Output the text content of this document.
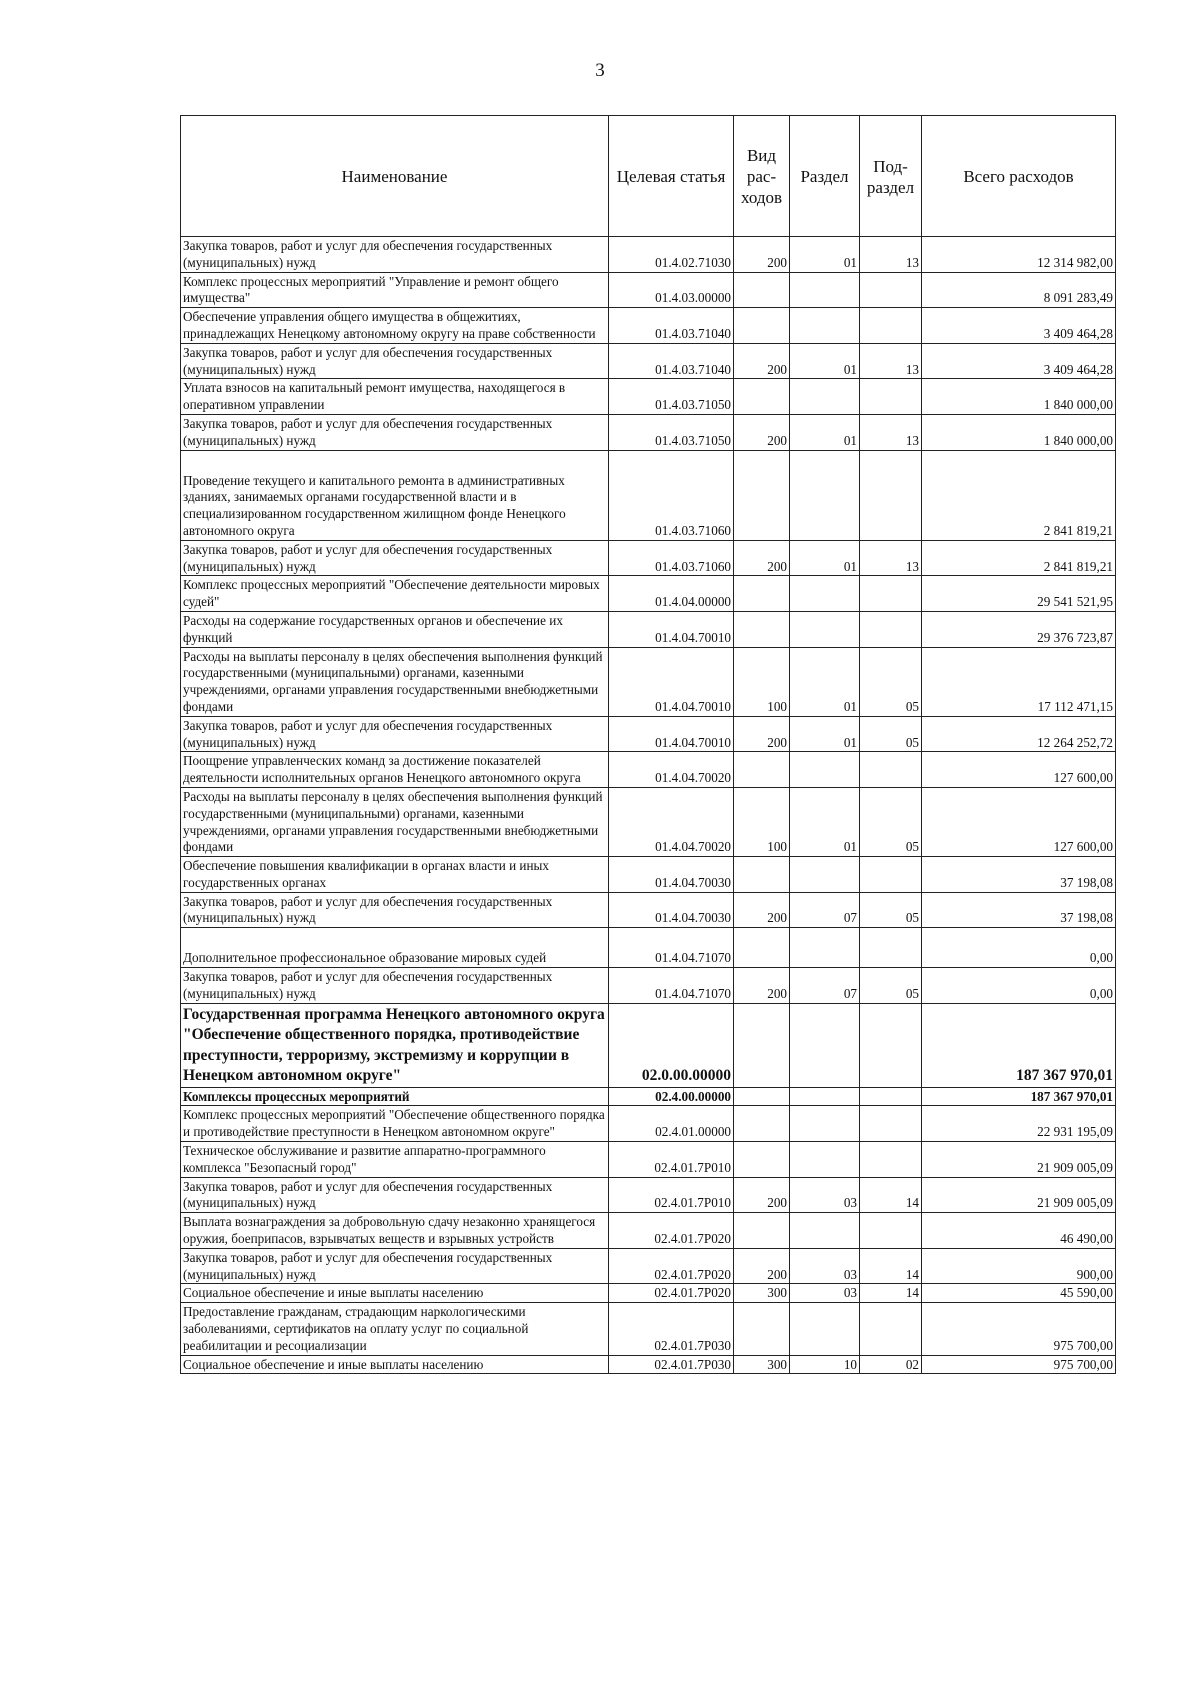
3
Наименование	Целевая статья	Вид рас- ходов	Раздел	Под- раздел	Всего расходов
Закупка товаров, работ и услуг для обеспечения государственных (муниципальных) нужд	01.4.02.71030	200	01	13	12 314 982,00
Комплекс процессных мероприятий "Управление и ремонт общего имущества"	01.4.03.00000				8 091 283,49
Обеспечение управления общего имущества в общежитиях, принадлежащих Ненецкому автономному округу на праве собственности	01.4.03.71040				3 409 464,28
Закупка товаров, работ и услуг для обеспечения государственных (муниципальных) нужд	01.4.03.71040	200	01	13	3 409 464,28
Уплата взносов на капитальный ремонт имущества, находящегося в оперативном управлении	01.4.03.71050				1 840 000,00
Закупка товаров, работ и услуг для обеспечения государственных (муниципальных) нужд	01.4.03.71050	200	01	13	1 840 000,00
Проведение текущего и капитального ремонта в административных зданиях, занимаемых органами государственной власти и в специализированном государственном жилищном фонде Ненецкого автономного округа	01.4.03.71060				2 841 819,21
Закупка товаров, работ и услуг для обеспечения государственных (муниципальных) нужд	01.4.03.71060	200	01	13	2 841 819,21
Комплекс процессных мероприятий "Обеспечение деятельности мировых судей"	01.4.04.00000				29 541 521,95
Расходы на содержание государственных органов и обеспечение их функций	01.4.04.70010				29 376 723,87
Расходы на выплаты персоналу в целях обеспечения выполнения функций государственными (муниципальными) органами, казенными учреждениями, органами управления государственными внебюджетными фондами	01.4.04.70010	100	01	05	17 112 471,15
Закупка товаров, работ и услуг для обеспечения государственных (муниципальных) нужд	01.4.04.70010	200	01	05	12 264 252,72
Поощрение управленческих команд за достижение показателей деятельности исполнительных органов Ненецкого автономного округа	01.4.04.70020				127 600,00
Расходы на выплаты персоналу в целях обеспечения выполнения функций государственными (муниципальными) органами, казенными учреждениями, органами управления государственными внебюджетными фондами	01.4.04.70020	100	01	05	127 600,00
Обеспечение повышения квалификации в органах власти и иных государственных органах	01.4.04.70030				37 198,08
Закупка товаров, работ и услуг для обеспечения государственных (муниципальных) нужд	01.4.04.70030	200	07	05	37 198,08
Дополнительное профессиональное образование мировых судей	01.4.04.71070				0,00
Закупка товаров, работ и услуг для обеспечения государственных (муниципальных) нужд	01.4.04.71070	200	07	05	0,00
Государственная программа Ненецкого автономного округа "Обеспечение общественного порядка, противодействие преступности, терроризму, экстремизму и коррупции в Ненецком автономном округе"	02.0.00.00000				187 367 970,01
Комплексы процессных мероприятий	02.4.00.00000				187 367 970,01
Комплекс процессных мероприятий "Обеспечение общественного порядка и противодействие преступности в Ненецком автономном округе"	02.4.01.00000				22 931 195,09
Техническое обслуживание и развитие аппаратно-программного комплекса "Безопасный город"	02.4.01.7Р010				21 909 005,09
Закупка товаров, работ и услуг для обеспечения государственных (муниципальных) нужд	02.4.01.7Р010	200	03	14	21 909 005,09
Выплата вознаграждения за добровольную сдачу незаконно хранящегося оружия, боеприпасов, взрывчатых веществ и взрывных устройств	02.4.01.7Р020				46 490,00
Закупка товаров, работ и услуг для обеспечения государственных (муниципальных) нужд	02.4.01.7Р020	200	03	14	900,00
Социальное обеспечение и иные выплаты населению	02.4.01.7Р020	300	03	14	45 590,00
Предоставление гражданам, страдающим наркологическими заболеваниями, сертификатов на оплату услуг по социальной реабилитации и ресоциализации	02.4.01.7Р030				975 700,00
Социальное обеспечение и иные выплаты населению	02.4.01.7Р030	300	10	02	975 700,00
